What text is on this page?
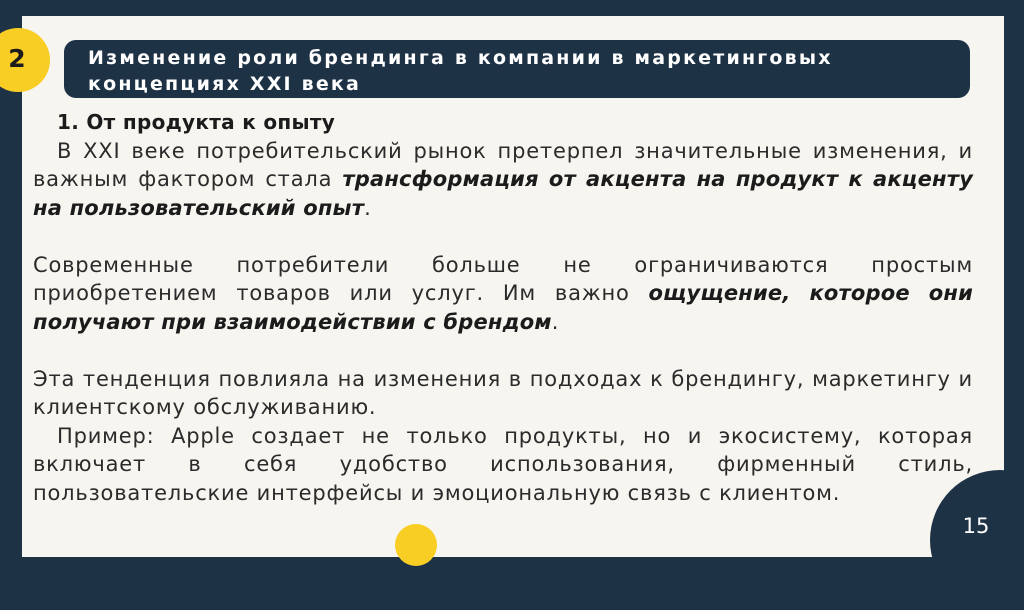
Изменение роли брендинга в компании в маркетинговых концепциях XXI века
2

1. От продукта к опыту

В XXI веке потребительский рынок претерпел значительные изменения, и важным фактором стала трансформация от акцента на продукт к акценту на пользовательский опыт.

Современные потребители больше не ограничиваются простым приобретением товаров или услуг. Им важно ощущение, которое они получают при взаимодействии с брендом.

Эта тенденция повлияла на изменения в подходах к брендингу, маркетингу и клиентскому обслуживанию.

Пример: Apple создает не только продукты, но и экосистему, которая включает в себя удобство использования, фирменный стиль, пользовательские интерфейсы и эмоциональную связь с клиентом.

15
